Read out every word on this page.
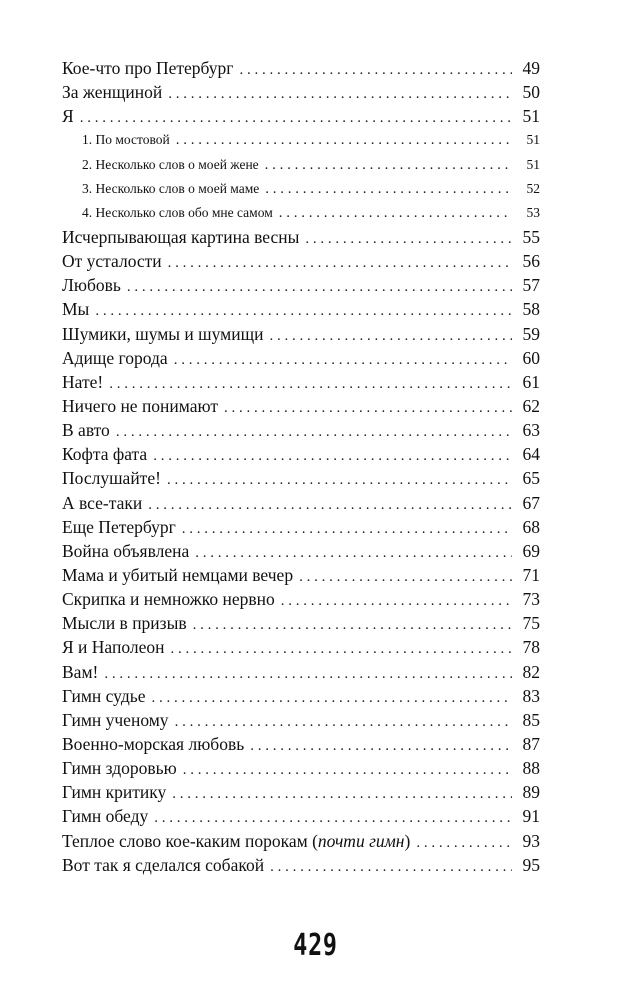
Кое-что про Петербург . . .	49
За женщиной . . .	50
Я . . .	51
1. По мостовой . . .	51
2. Несколько слов о моей жене . . .	51
3. Несколько слов о моей маме . . .	52
4. Несколько слов обо мне самом . . .	53
Исчерпывающая картина весны . . .	55
От усталости . . .	56
Любовь . . .	57
Мы . . .	58
Шумики, шумы и шумищи . . .	59
Адище города . . .	60
Нате! . . .	61
Ничего не понимают . . .	62
В авто . . .	63
Кофта фата . . .	64
Послушайте! . . .	65
А все-таки . . .	67
Еще Петербург . . .	68
Война объявлена . . .	69
Мама и убитый немцами вечер . . .	71
Скрипка и немножко нервно . . .	73
Мысли в призыв . . .	75
Я и Наполеон . . .	78
Вам! . . .	82
Гимн судье . . .	83
Гимн ученому . . .	85
Военно-морская любовь . . .	87
Гимн здоровью . . .	88
Гимн критику . . .	89
Гимн обеду . . .	91
Теплое слово кое-каким порокам (почти гимн) . . .	93
Вот так я сделался собакой . . .	95
429
